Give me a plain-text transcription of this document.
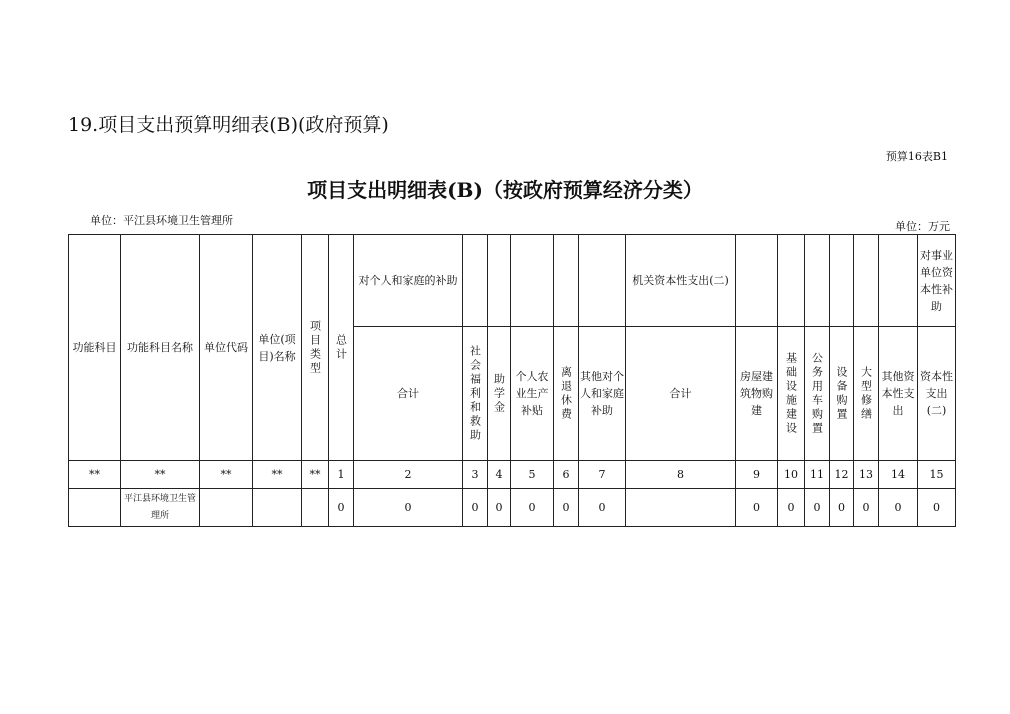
19.项目支出预算明细表(B)(政府预算)
预算16表B1
项目支出明细表(B)（按政府预算经济分类）
单位：平江县环境卫生管理所	单位：万元
功能科目	功能科目名称	单位代码	单位(项目)名称	项目类型	总计	对个人和家庭的补助						机关资本性支出(二)							对事业单位资本性补助
						合计	社会福利和救助	助学金	个人农业生产补贴	离退休费	其他对个人和家庭补助	合计	房屋建筑物购建	基础设施建设	公务用车购置	设备购置	大型修缮	其他资本性支出	资本性支出(二)
**	**	**	**	**	1	2	3	4	5	6	7	8	9	10	11	12	13	14	15
	平江县环境卫生管理所				0	0	0	0	0	0	0		0	0	0	0	0	0	0
